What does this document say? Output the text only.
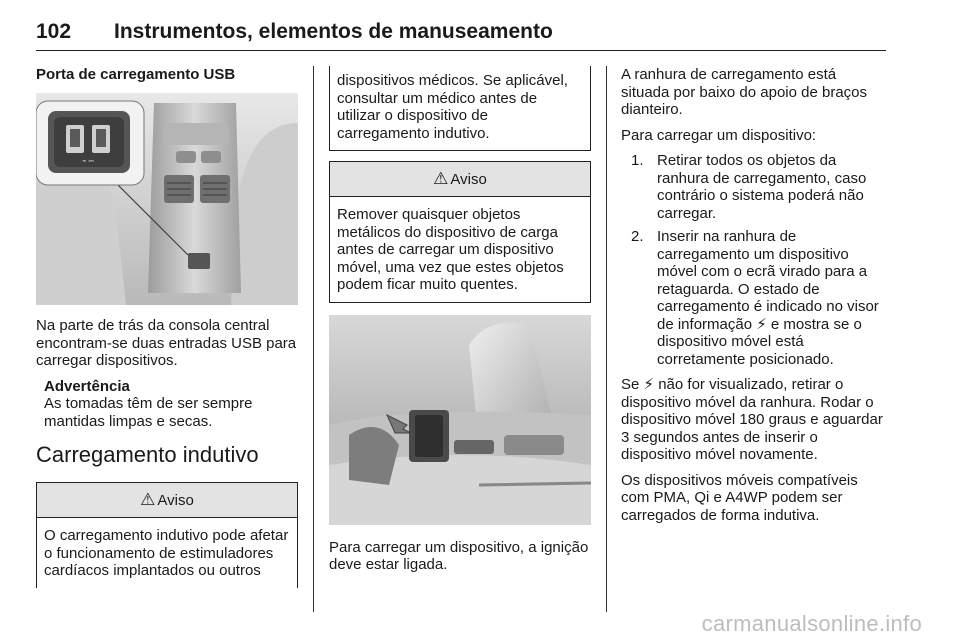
102 Instrumentos, elementos de manuseamento
Porta de carregamento USB
⌁ ⎓

Na parte de trás da consola central encontram-se duas entradas USB para carregar dispositivos.

Advertência

As tomadas têm de ser sempre mantidas limpas e secas.

Carregamento indutivo
⚠ Aviso
O carregamento indutivo pode afetar o funcionamento de estimuladores cardíacos implantados ou outros
dispositivos médicos. Se aplicável, consultar um médico antes de utilizar o dispositivo de carregamento indutivo.
⚠ Aviso
Remover quaisquer objetos metálicos do dispositivo de carga antes de carregar um dispositivo móvel, uma vez que estes objetos podem ficar muito quentes.

Para carregar um dispositivo, a ignição deve estar ligada.

A ranhura de carregamento está situada por baixo do apoio de braços dianteiro.

Para carregar um dispositivo:

1. Retirar todos os objetos da ranhura de carregamento, caso contrário o sistema poderá não carregar.
2. Inserir na ranhura de carregamento um dispositivo móvel com o ecrã virado para a retaguarda. O estado de carregamento é indicado no visor de informação ⚡ e mostra se o dispositivo móvel está corretamente posicionado.

Se ⚡ não for visualizado, retirar o dispositivo móvel da ranhura. Rodar o dispositivo móvel 180 graus e aguardar 3 segundos antes de inserir o dispositivo móvel novamente.

Os dispositivos móveis compatíveis com PMA, Qi e A4WP podem ser carregados de forma indutiva.

carmanualsonline.info
